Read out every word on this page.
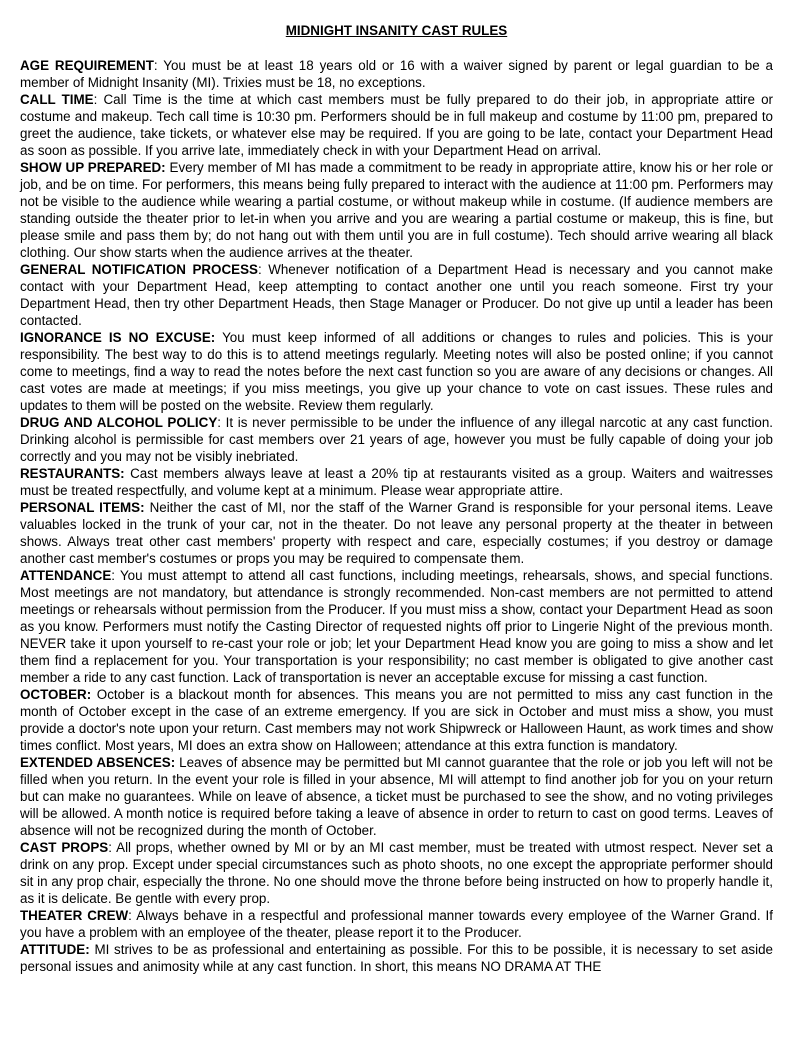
MIDNIGHT INSANITY CAST RULES

AGE REQUIREMENT: You must be at least 18 years old or 16 with a waiver signed by parent or legal guardian to be a member of Midnight Insanity (MI). Trixies must be 18, no exceptions.

CALL TIME: Call Time is the time at which cast members must be fully prepared to do their job, in appropriate attire or costume and makeup. Tech call time is 10:30 pm. Performers should be in full makeup and costume by 11:00 pm, prepared to greet the audience, take tickets, or whatever else may be required. If you are going to be late, contact your Department Head as soon as possible. If you arrive late, immediately check in with your Department Head on arrival.

SHOW UP PREPARED: Every member of MI has made a commitment to be ready in appropriate attire, know his or her role or job, and be on time. For performers, this means being fully prepared to interact with the audience at 11:00 pm. Performers may not be visible to the audience while wearing a partial costume, or without makeup while in costume. (If audience members are standing outside the theater prior to let-in when you arrive and you are wearing a partial costume or makeup, this is fine, but please smile and pass them by; do not hang out with them until you are in full costume). Tech should arrive wearing all black clothing. Our show starts when the audience arrives at the theater.

GENERAL NOTIFICATION PROCESS: Whenever notification of a Department Head is necessary and you cannot make contact with your Department Head, keep attempting to contact another one until you reach someone. First try your Department Head, then try other Department Heads, then Stage Manager or Producer. Do not give up until a leader has been contacted.

IGNORANCE IS NO EXCUSE: You must keep informed of all additions or changes to rules and policies. This is your responsibility. The best way to do this is to attend meetings regularly. Meeting notes will also be posted online; if you cannot come to meetings, find a way to read the notes before the next cast function so you are aware of any decisions or changes. All cast votes are made at meetings; if you miss meetings, you give up your chance to vote on cast issues. These rules and updates to them will be posted on the website. Review them regularly.

DRUG AND ALCOHOL POLICY: It is never permissible to be under the influence of any illegal narcotic at any cast function. Drinking alcohol is permissible for cast members over 21 years of age, however you must be fully capable of doing your job correctly and you may not be visibly inebriated.

RESTAURANTS: Cast members always leave at least a 20% tip at restaurants visited as a group. Waiters and waitresses must be treated respectfully, and volume kept at a minimum. Please wear appropriate attire.

PERSONAL ITEMS: Neither the cast of MI, nor the staff of the Warner Grand is responsible for your personal items. Leave valuables locked in the trunk of your car, not in the theater. Do not leave any personal property at the theater in between shows. Always treat other cast members' property with respect and care, especially costumes; if you destroy or damage another cast member's costumes or props you may be required to compensate them.

ATTENDANCE: You must attempt to attend all cast functions, including meetings, rehearsals, shows, and special functions. Most meetings are not mandatory, but attendance is strongly recommended. Non-cast members are not permitted to attend meetings or rehearsals without permission from the Producer. If you must miss a show, contact your Department Head as soon as you know. Performers must notify the Casting Director of requested nights off prior to Lingerie Night of the previous month. NEVER take it upon yourself to re-cast your role or job; let your Department Head know you are going to miss a show and let them find a replacement for you. Your transportation is your responsibility; no cast member is obligated to give another cast member a ride to any cast function. Lack of transportation is never an acceptable excuse for missing a cast function.

OCTOBER: October is a blackout month for absences. This means you are not permitted to miss any cast function in the month of October except in the case of an extreme emergency. If you are sick in October and must miss a show, you must provide a doctor's note upon your return. Cast members may not work Shipwreck or Halloween Haunt, as work times and show times conflict. Most years, MI does an extra show on Halloween; attendance at this extra function is mandatory.

EXTENDED ABSENCES: Leaves of absence may be permitted but MI cannot guarantee that the role or job you left will not be filled when you return. In the event your role is filled in your absence, MI will attempt to find another job for you on your return but can make no guarantees. While on leave of absence, a ticket must be purchased to see the show, and no voting privileges will be allowed. A month notice is required before taking a leave of absence in order to return to cast on good terms. Leaves of absence will not be recognized during the month of October.

CAST PROPS: All props, whether owned by MI or by an MI cast member, must be treated with utmost respect. Never set a drink on any prop. Except under special circumstances such as photo shoots, no one except the appropriate performer should sit in any prop chair, especially the throne. No one should move the throne before being instructed on how to properly handle it, as it is delicate. Be gentle with every prop.

THEATER CREW: Always behave in a respectful and professional manner towards every employee of the Warner Grand. If you have a problem with an employee of the theater, please report it to the Producer.

ATTITUDE: MI strives to be as professional and entertaining as possible. For this to be possible, it is necessary to set aside personal issues and animosity while at any cast function. In short, this means NO DRAMA AT THE
